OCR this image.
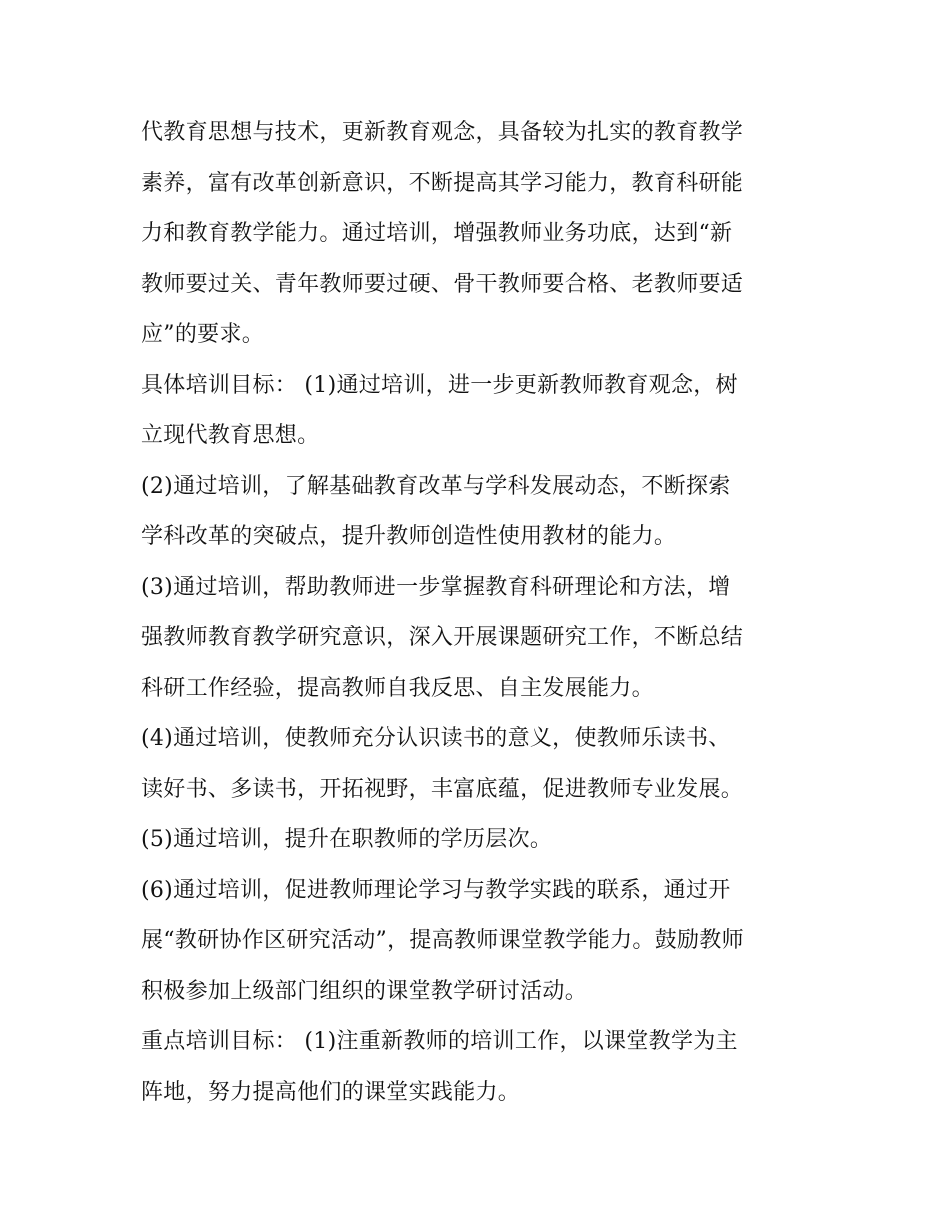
代教育思想与技术，更新教育观念，具备较为扎实的教育教学
素养，富有改革创新意识，不断提高其学习能力，教育科研能
力和教育教学能力。通过培训，增强教师业务功底，达到“新
教师要过关、青年教师要过硬、骨干教师要合格、老教师要适
应”的要求。

具体培训目标： (1)通过培训，进一步更新教师教育观念，树
立现代教育思想。

(2)通过培训，了解基础教育改革与学科发展动态，不断探索
学科改革的突破点，提升教师创造性使用教材的能力。

(3)通过培训，帮助教师进一步掌握教育科研理论和方法，增
强教师教育教学研究意识，深入开展课题研究工作，不断总结
科研工作经验，提高教师自我反思、自主发展能力。

(4)通过培训，使教师充分认识读书的意义，使教师乐读书、
读好书、多读书，开拓视野，丰富底蕴，促进教师专业发展。

(5)通过培训，提升在职教师的学历层次。

(6)通过培训，促进教师理论学习与教学实践的联系，通过开
展“教研协作区研究活动”，提高教师课堂教学能力。鼓励教师
积极参加上级部门组织的课堂教学研讨活动。

重点培训目标： (1)注重新教师的培训工作，以课堂教学为主
阵地，努力提高他们的课堂实践能力。
